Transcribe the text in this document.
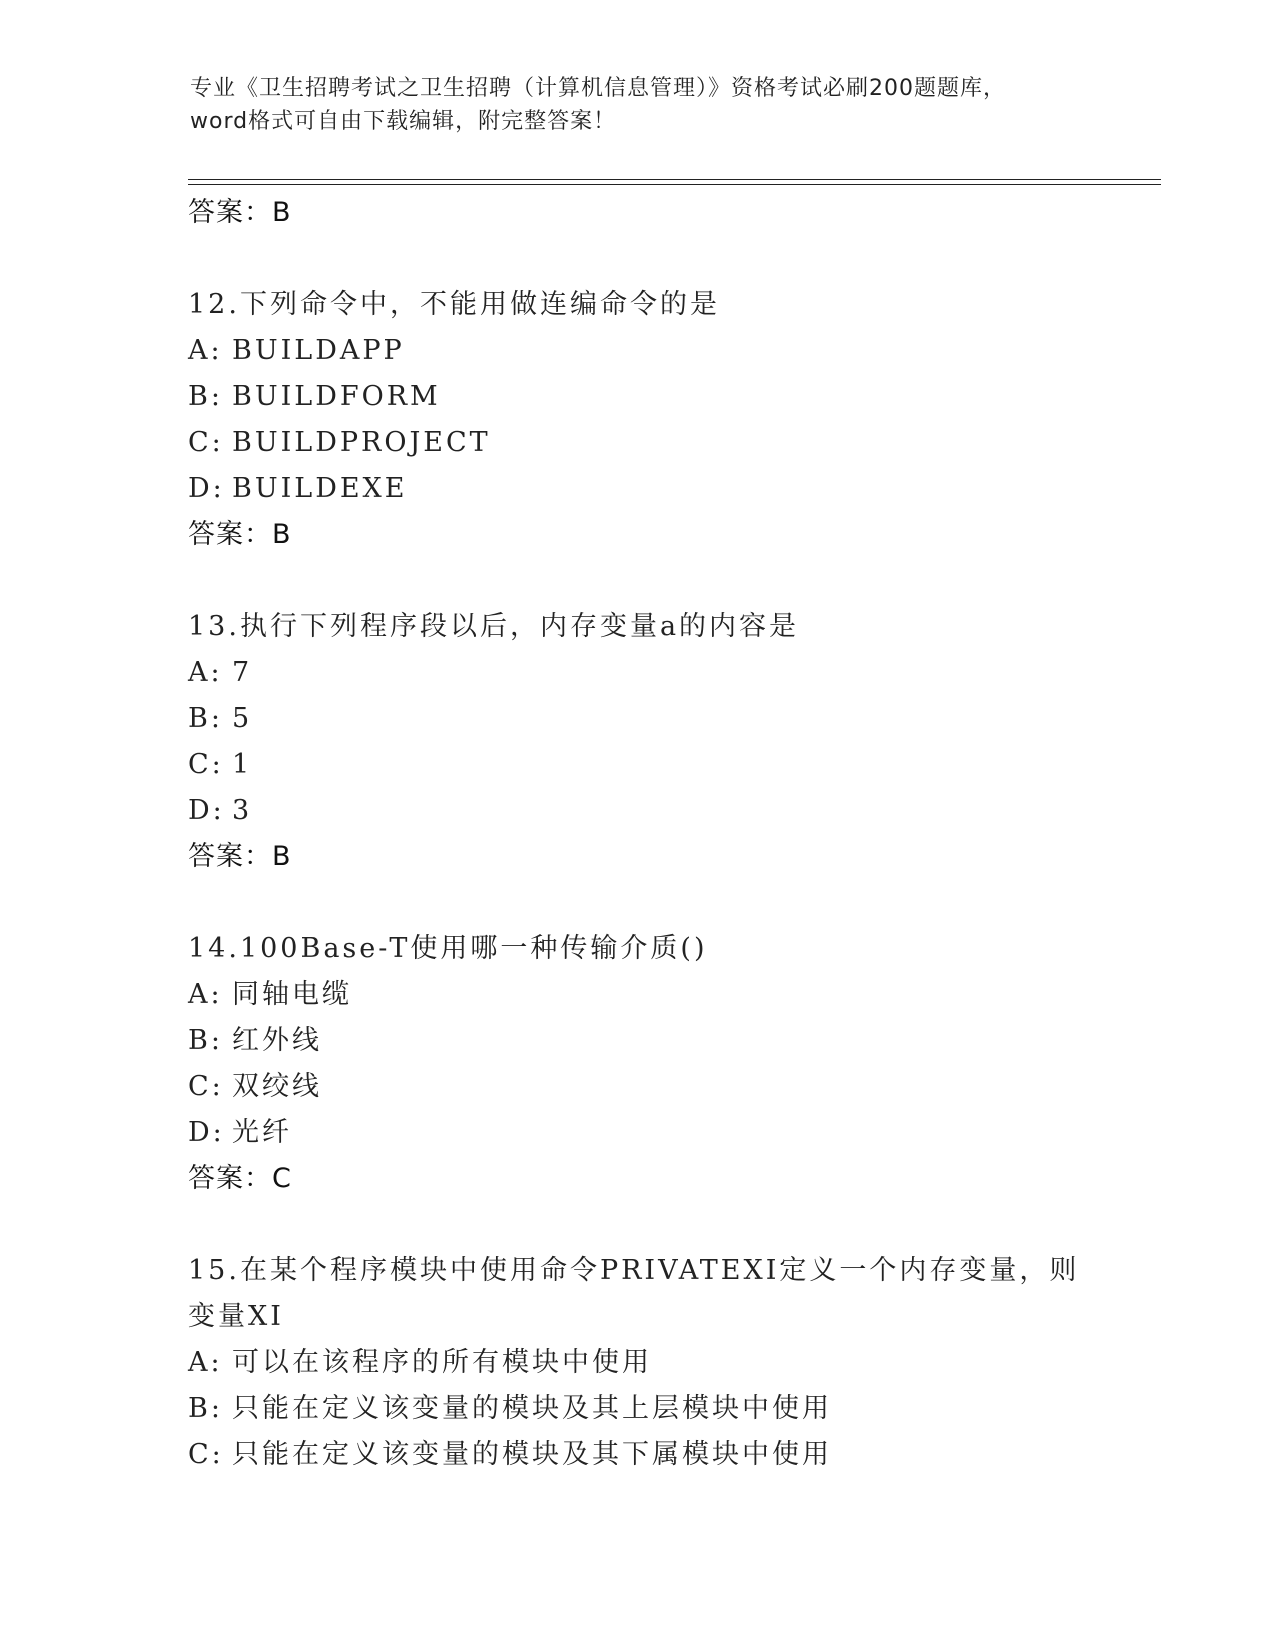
专业《卫生招聘考试之卫生招聘（计算机信息管理）》资格考试必刷200题题库，
word格式可自由下载编辑，附完整答案！
答案：B
12.下列命令中，不能用做连编命令的是
A: BUILDAPP
B: BUILDFORM
C: BUILDPROJECT
D: BUILDEXE
答案：B
13.执行下列程序段以后，内存变量a的内容是
A: 7
B: 5
C: 1
D: 3
答案：B
14.100Base-T使用哪一种传输介质()
A: 同轴电缆
B: 红外线
C: 双绞线
D: 光纤
答案：C
15.在某个程序模块中使用命令PRIVATEXI定义一个内存变量，则变量XI
A: 可以在该程序的所有模块中使用
B: 只能在定义该变量的模块及其上层模块中使用
C: 只能在定义该变量的模块及其下属模块中使用
